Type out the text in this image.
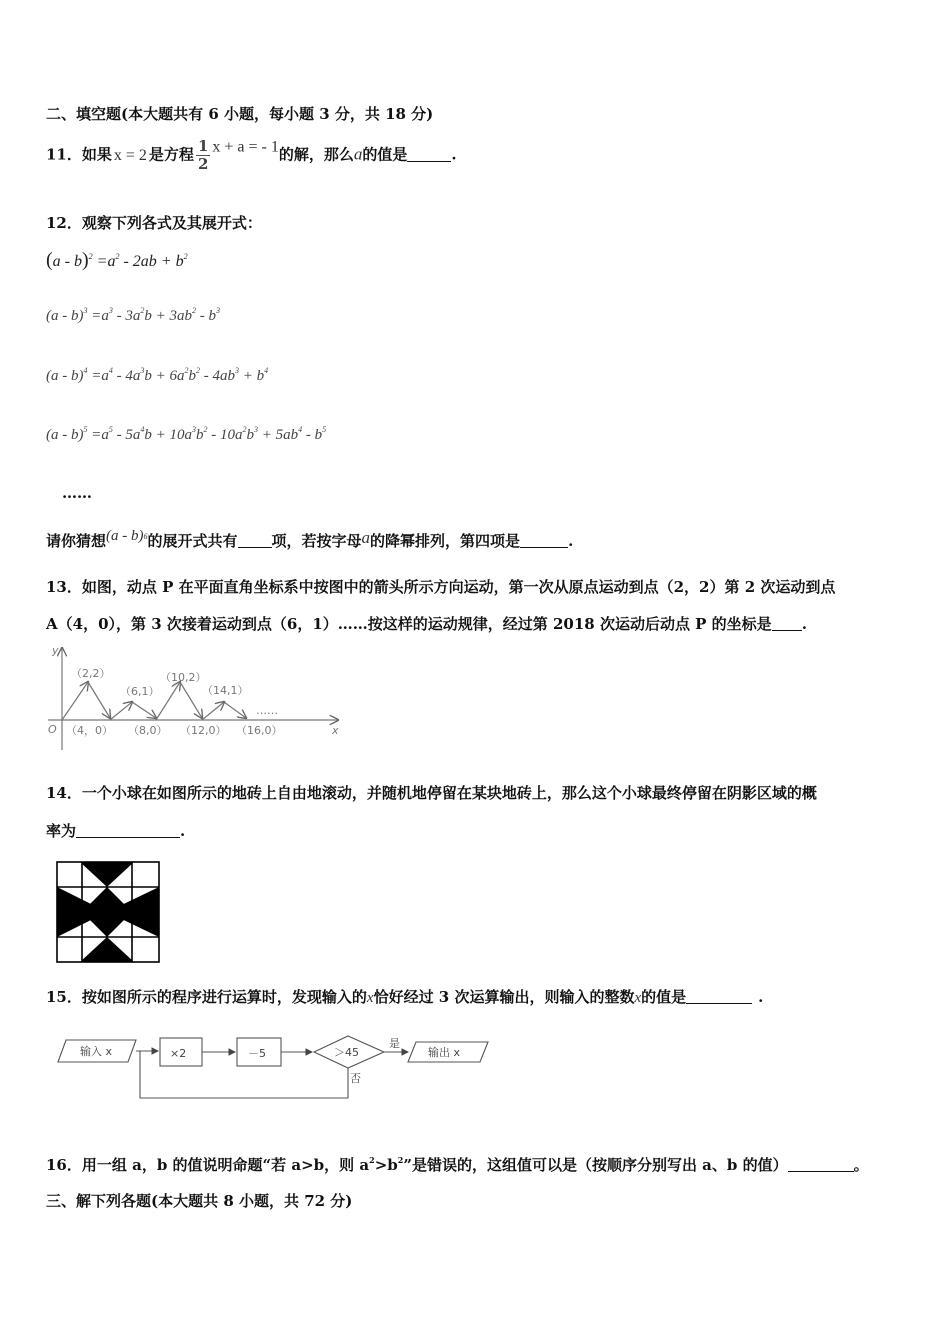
二、填空题(本大题共有 6 小题，每小题 3 分，共 18 分)
11．如果 x = 2 是方程 $\frac{1}{2}$ x + a = - 1的解，那么a的值是	.
12．观察下列各式及其展开式：
$(a - b)^2 =a^2 - 2ab + b^2$
$(a - b)^3 =a^3 - 3a^2b + 3ab^2 - b^3$
$(a - b)^4 =a^4 - 4a^3b + 6a^2b^2 - 4ab^3 + b^4$
$(a - b)^5 =a^5 - 5a^4b + 10a^3b^2 - 10a^2b^3 + 5ab^4 - b^5$
……
请你猜想(a - b)$^6$的展开式共有 项，若按字母a的降幂排列，第四项是	.
13．如图，动点 P 在平面直角坐标系中按图中的箭头所示方向运动，第一次从原点运动到点（2，2）第 2 次运动到点
A（4，0），第 3 次接着运动到点（6，1）……按这样的运动规律，经过第 2018 次运动后动点 P 的坐标是 .
y
x
O
（2,2）
（6,1）
（10,2）
（14,1）
……
（4，0） （8,0） （12,0） （16,0）
14．一个小球在如图所示的地砖上自由地滚动，并随机地停留在某块地砖上，那么这个小球最终停留在阴影区域的概
率为	.
15．按如图所示的程序进行运算时，发现输入的x恰好经过 3 次运算输出，则输入的整数x的值是	.
输入 x	×2	－5	＞45
是
否
输出 x
16．用一组 a，b 的值说明命题“若 a>b，则 $a^2>b^2$”是错误的，这组值可以是（按顺序分别写出 a、b 的值）	。
三、解下列各题(本大题共 8 小题，共 72 分)
